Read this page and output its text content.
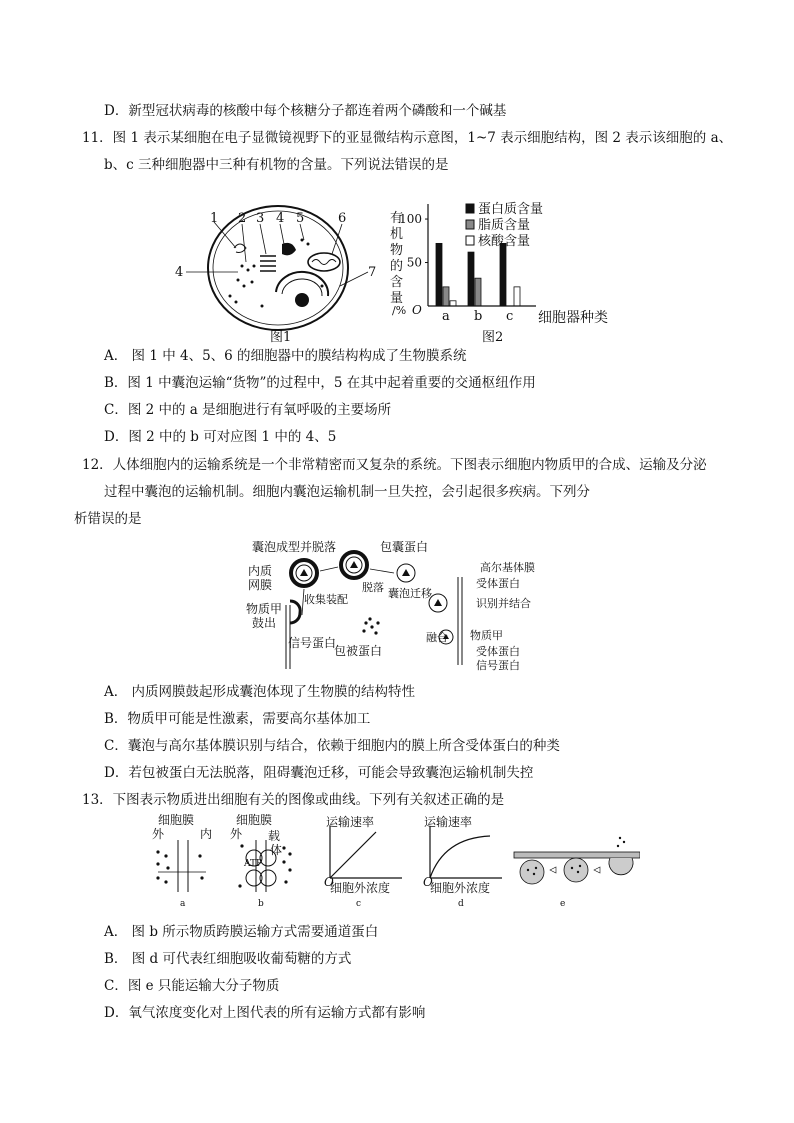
D．新型冠状病毒的核酸中每个核糖分子都连着两个磷酸和一个碱基
11．图 1 表示某细胞在电子显微镜视野下的亚显微结构示意图，1~7 表示细胞结构，图 2 表示该细胞的 a、
b、c 三种细胞器中三种有机物的含量。下列说法错误的是
1 2 3 4 5	6
4	7
图1
有
机
物
的
含
量
/%
50
100
a b c
O	细胞器种类
图2
蛋白质含量
脂质含量
核酸含量
A． 图 1 中 4、5、6 的细胞器中的膜结构构成了生物膜系统
B．图 1 中囊泡运输“货物”的过程中，5 在其中起着重要的交通枢纽作用
C．图 2 中的 a 是细胞进行有氧呼吸的主要场所
D．图 2 中的 b 可对应图 1 中的 4、5
12．人体细胞内的运输系统是一个非常精密而又复杂的系统。下图表示细胞内物质甲的合成、运输及分泌
过程中囊泡的运输机制。细胞内囊泡运输机制一旦失控，会引起很多疾病。下列分
析错误的是
囊泡成型并脱落	包囊蛋白
内质
网膜
物质甲
鼓出
收集装配
信号蛋白
脱落 囊泡迁移
包被蛋白
高尔基体膜
受体蛋白
识别并结合
融合 物质甲
受体蛋白
信号蛋白
A． 内质网膜鼓起形成囊泡体现了生物膜的结构特性
B．物质甲可能是性激素，需要高尔基体加工
C．囊泡与高尔基体膜识别与结合，依赖于细胞内的膜上所含受体蛋白的种类
D．若包被蛋白无法脱落，阻碍囊泡迁移，可能会导致囊泡运输机制失控
13．下图表示物质进出细胞有关的图像或曲线。下列有关叙述正确的是
细胞膜
外	内
a
细胞膜
外 载
体
ATP
b
运输速率
O
细胞外浓度
c
运输速率
O
细胞外浓度
d	e
A． 图 b 所示物质跨膜运输方式需要通道蛋白
B． 图 d 可代表红细胞吸收葡萄糖的方式
C．图 e 只能运输大分子物质
D．氧气浓度变化对上图代表的所有运输方式都有影响
